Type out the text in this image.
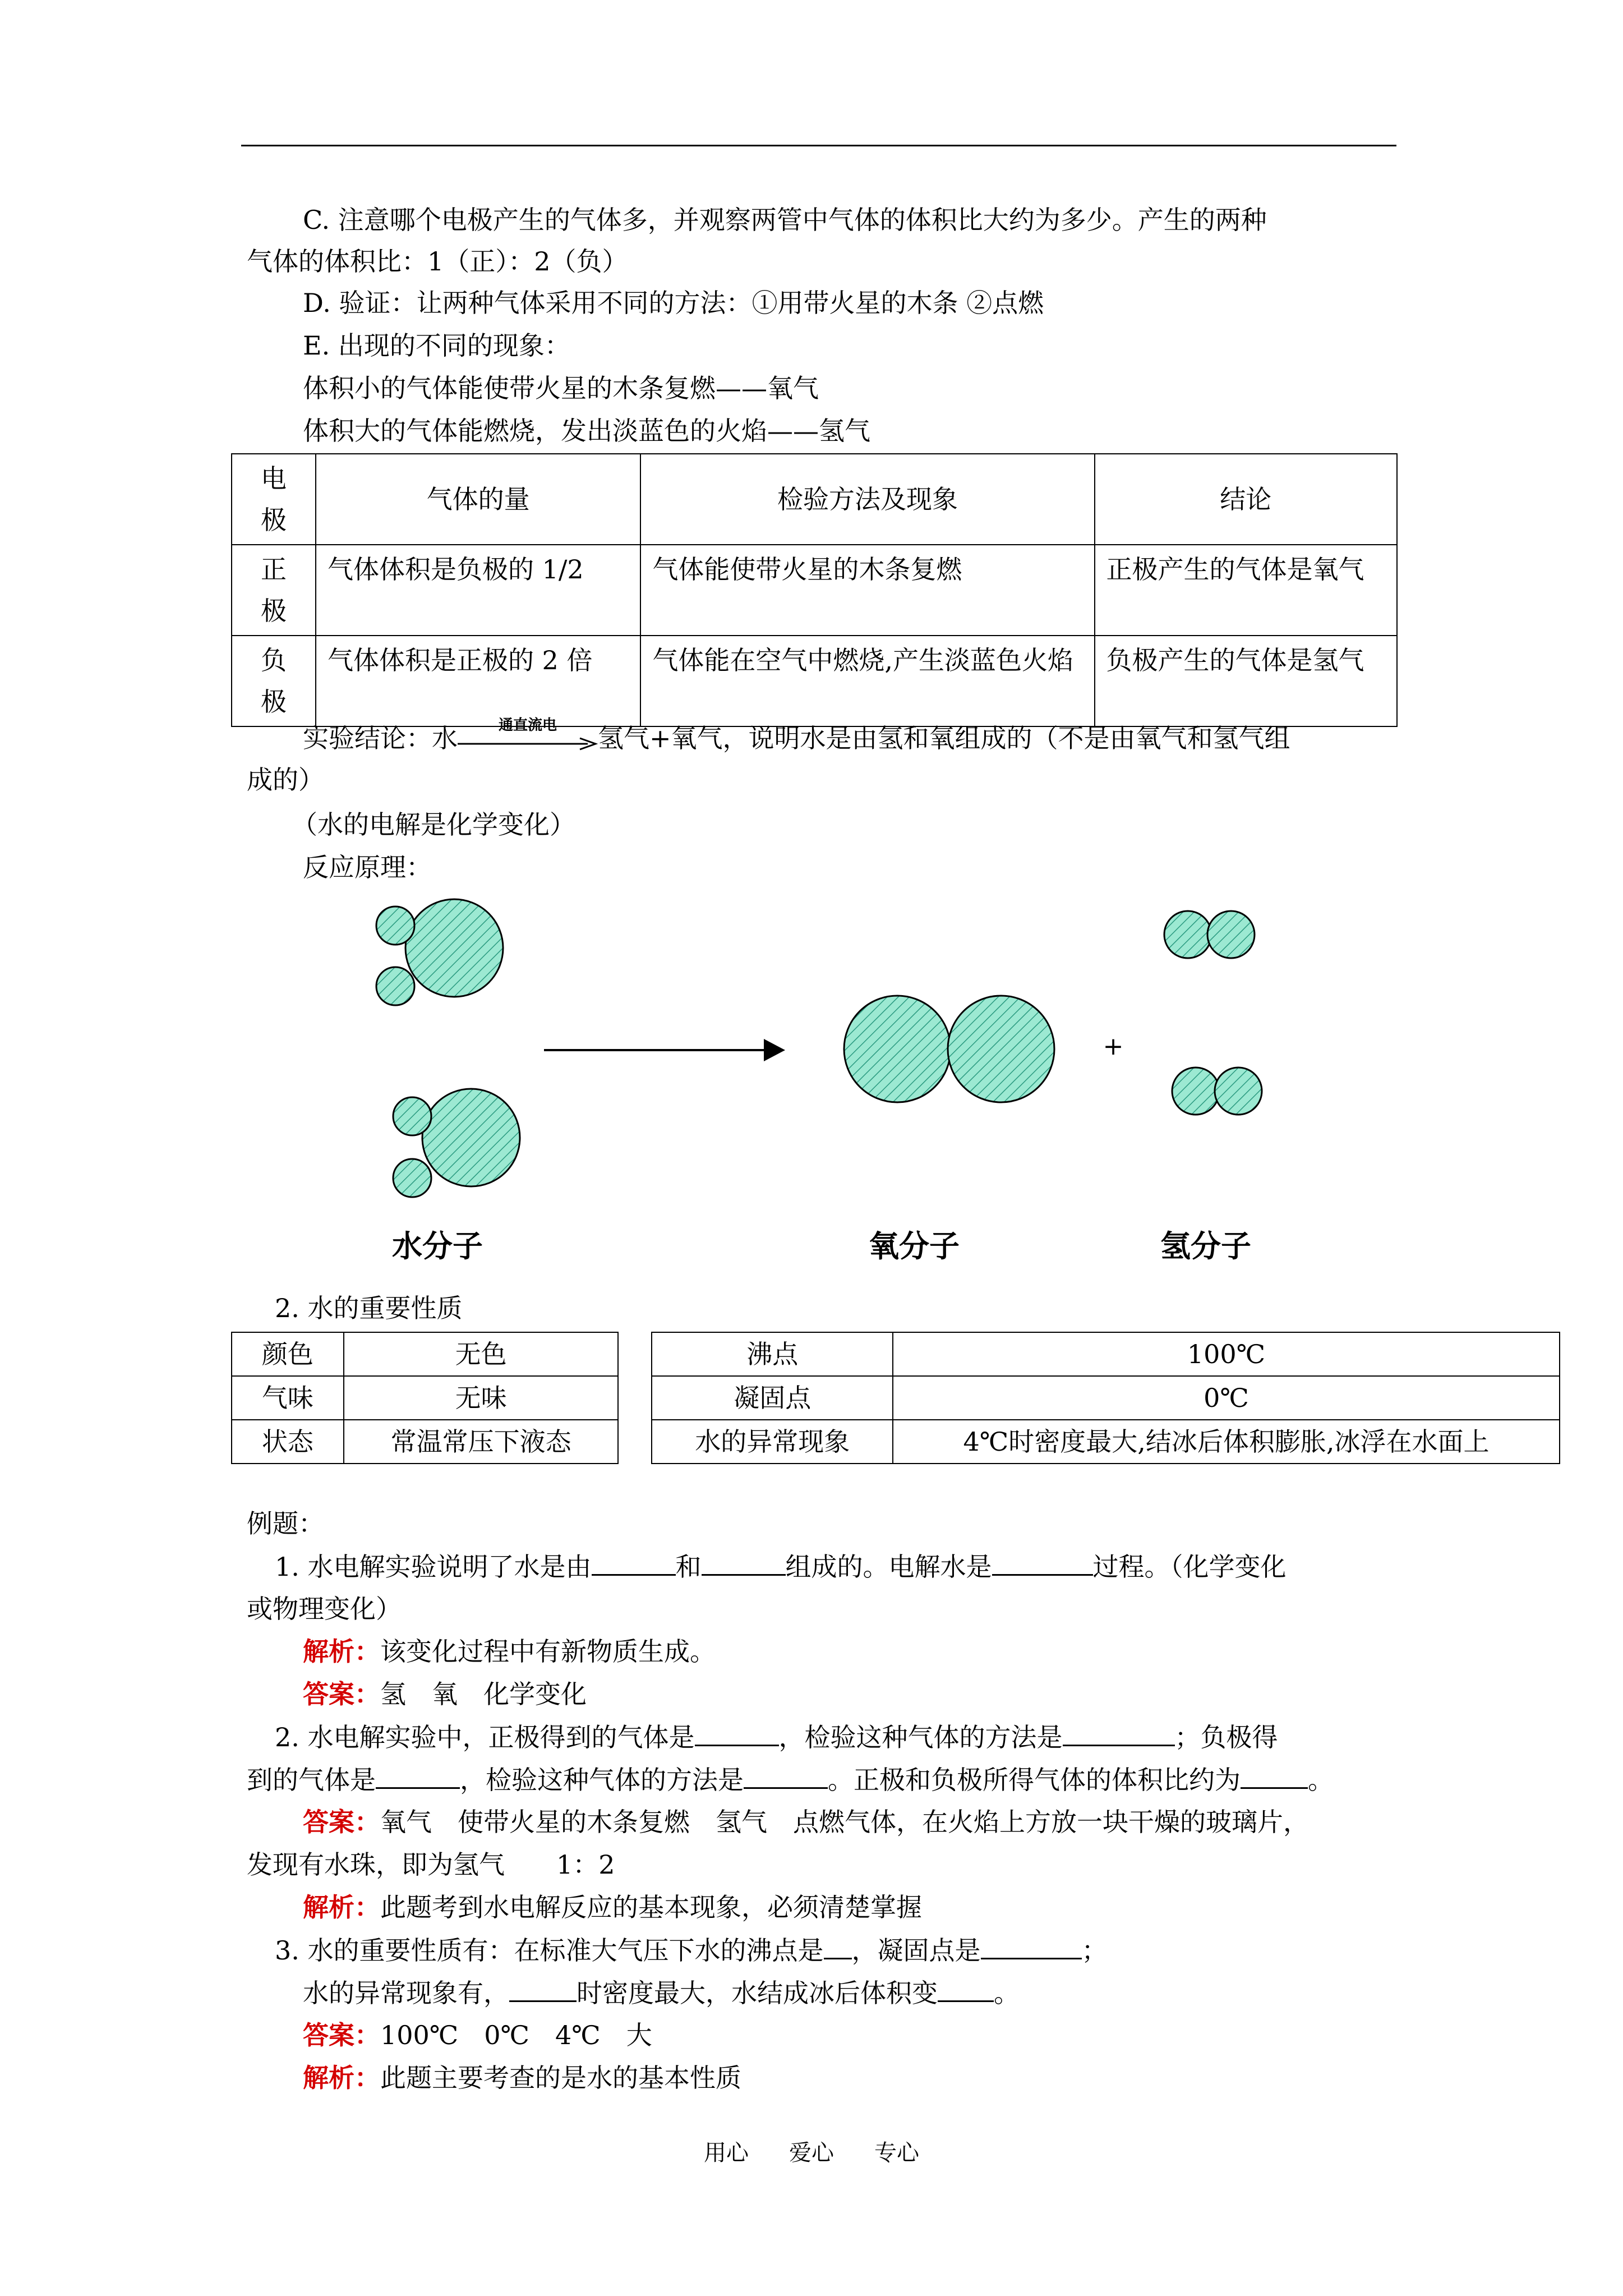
C. 注意哪个电极产生的气体多，并观察两管中气体的体积比大约为多少。产生的两种
气体的体积比：1（正）：2（负）
D. 验证：让两种气体采用不同的方法：①用带火星的木条 ②点燃
E. 出现的不同的现象：
体积小的气体能使带火星的木条复燃——氧气
体积大的气体能燃烧，发出淡蓝色的火焰——氢气
电极	气体的量	检验方法及现象	结论
正极	气体体积是负极的 1/2	气体能使带火星的木条复燃	正极产生的气体是氧气
负极	气体体积是正极的 2 倍	气体能在空气中燃烧,产生淡蓝色火焰	负极产生的气体是氢气
实验结论：水	通直流电	氢气+氧气，说明水是由氢和氧组成的（不是由氧气和氢气组
成的）
（水的电解是化学变化）
反应原理：
+
水分子	氧分子	氢分子
2. 水的重要性质
颜色	无色		沸点	100℃
气味	无味		凝固点	0℃
状态	常温常压下液态		水的异常现象	4℃时密度最大,结冰后体积膨胀,冰浮在水面上
例题：
1. 水电解实验说明了水是由	和	组成的。电解水是	过程。（化学变化
或物理变化）
解析：该变化过程中有新物质生成。
答案：氢　氧　化学变化
2. 水电解实验中，正极得到的气体是	，检验这种气体的方法是	；负极得
到的气体是	，检验这种气体的方法是	。正极和负极所得气体的体积比约为	。
答案：氧气　使带火星的木条复燃　氢气　点燃气体，在火焰上方放一块干燥的玻璃片，
发现有水珠，即为氢气　　1：2
解析：此题考到水电解反应的基本现象，必须清楚掌握
3. 水的重要性质有：在标准大气压下水的沸点是 ，凝固点是	；
水的异常现象有，	时密度最大，水结成冰后体积变 。
答案：100℃　0℃　4℃　大
解析：此题主要考查的是水的基本性质
用心 爱心 专心
